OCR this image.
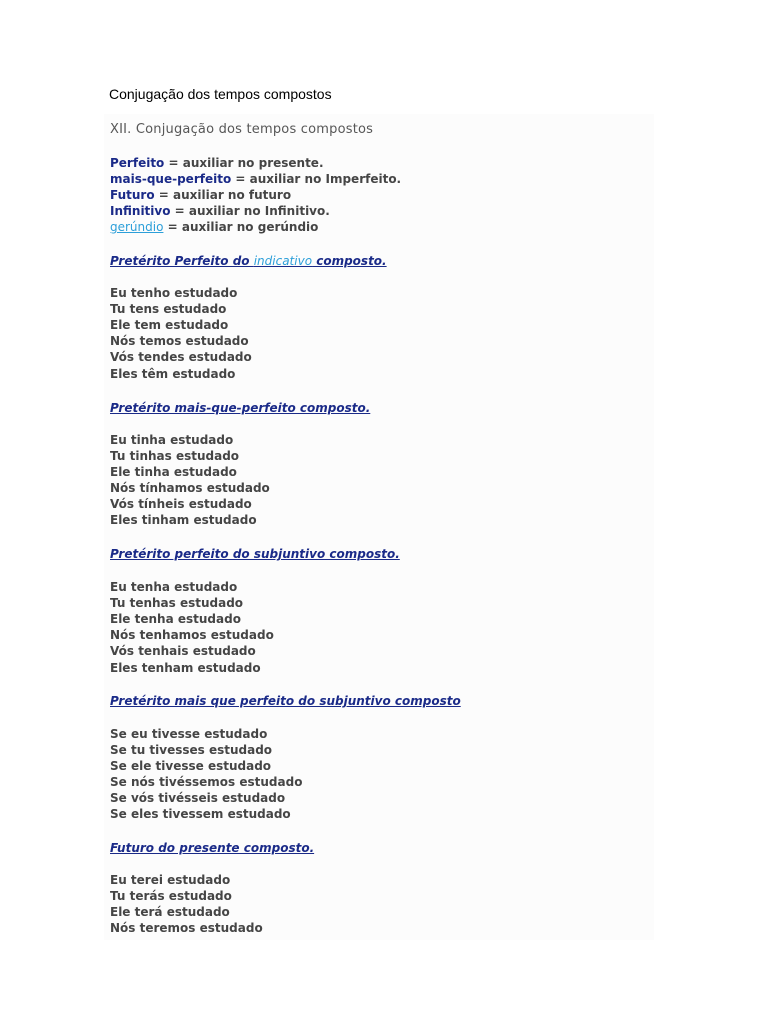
Conjugação dos tempos compostos
XII. Conjugação dos tempos compostos
Perfeito = auxiliar no presente.
mais-que-perfeito = auxiliar no Imperfeito.
Futuro = auxiliar no futuro
Infinitivo = auxiliar no Infinitivo.
gerúndio = auxiliar no gerúndio
Pretérito Perfeito do indicativo composto.
Eu tenho estudado
Tu tens estudado
Ele tem estudado
Nós temos estudado
Vós tendes estudado
Eles têm estudado
Pretérito mais-que-perfeito composto.
Eu tinha estudado
Tu tinhas estudado
Ele tinha estudado
Nós tínhamos estudado
Vós tínheis estudado
Eles tinham estudado
Pretérito perfeito do subjuntivo composto.
Eu tenha estudado
Tu tenhas estudado
Ele tenha estudado
Nós tenhamos estudado
Vós tenhais estudado
Eles tenham estudado
Pretérito mais que perfeito do subjuntivo composto
Se eu tivesse estudado
Se tu tivesses estudado
Se ele tivesse estudado
Se nós tivéssemos estudado
Se vós tivésseis estudado
Se eles tivessem estudado
Futuro do presente composto.
Eu terei estudado
Tu terás estudado
Ele terá estudado
Nós teremos estudado
